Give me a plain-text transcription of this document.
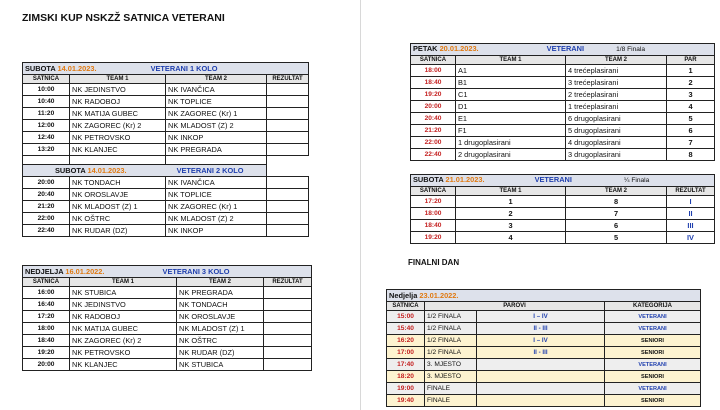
ZIMSKI KUP NSKZŽ SATNICA VETERANI
SUBOTA 14.01.2023. VETERANI 1 KOLO			
SATNICA	TEAM 1	TEAM 2	REZULTAT
10:00	NK JEDINSTVO	NK IVANČICA	
10:40	NK RADOBOJ	NK TOPLICE	
11:20	NK MATIJA GUBEC	NK ZAGOREC (Kr) 1	
12:00	NK ZAGOREC (Kr) 2	NK MLADOST (Z) 2	
12:40	NK PETROVSKO	NK INKOP	
13:20	NK KLANJEC	NK PREGRADA	

SUBOTA 14.01.2023. VETERANI 2 KOLO			
20:00	NK TONDACH	NK IVANČICA	
20:40	NK OROSLAVJE	NK TOPLICE	
21:20	NK MLADOST (Z) 1	NK ZAGOREC (Kr) 1	
22:00	NK OŠTRC	NK MLADOST (Z) 2	
22:40	NK RUDAR (DZ)	NK INKOP	
NEDJELJA 16.01.2022. VETERANI 3 KOLO			
SATNICA	TEAM 1	TEAM 2	REZULTAT
16:00	NK STUBICA	NK PREGRADA	
16:40	NK JEDINSTVO	NK TONDACH	
17:20	NK RADOBOJ	NK OROSLAVJE	
18:00	NK MATIJA GUBEC	NK MLADOST (Z) 1	
18:40	NK ZAGOREC (Kr) 2	NK OŠTRC	
19:20	NK PETROVSKO	NK RUDAR (DZ)	
20:00	NK KLANJEC	NK STUBICA	
PETAK 20.01.2023. VETERANI 1/8 Finala			
SATNICA	TEAM 1	TEAM 2	PAR
18:00	A1	4 trećeplasirani	1
18:40	B1	3 trećeplasirani	2
19:20	C1	2 trećeplasirani	3
20:00	D1	1 trećeplasirani	4
20:40	E1	6 drugoplasirani	5
21:20	F1	5 drugoplasirani	6
22:00	1 drugoplasirani	4 drugoplasirani	7
22:40	2 drugoplasirani	3 drugoplasirani	8
SUBOTA 21.01.2023. VETERANI ¼ Finala			
SATNICA	TEAM 1	TEAM 2	REZULTAT
17:20	1	8	I
18:00	2	7	II
18:40	3	6	III
19:20	4	5	IV
FINALNI DAN
Nedjelja 23.01.2022.			
SATNICA	PAROVI		KATEGORIJA
15:00	1/2 FINALA	I – IV	VETERANI
15:40	1/2 FINALA	II - III	VETERANI
16:20	1/2 FINALA	I – IV	SENIORI
17:00	1/2 FINALA	II - III	SENIORI
17:40	3. MJESTO		VETERANI
18:20	3. MJESTO		SENIORI
19:00	FINALE		VETERANI
19:40	FINALE		SENIORI
